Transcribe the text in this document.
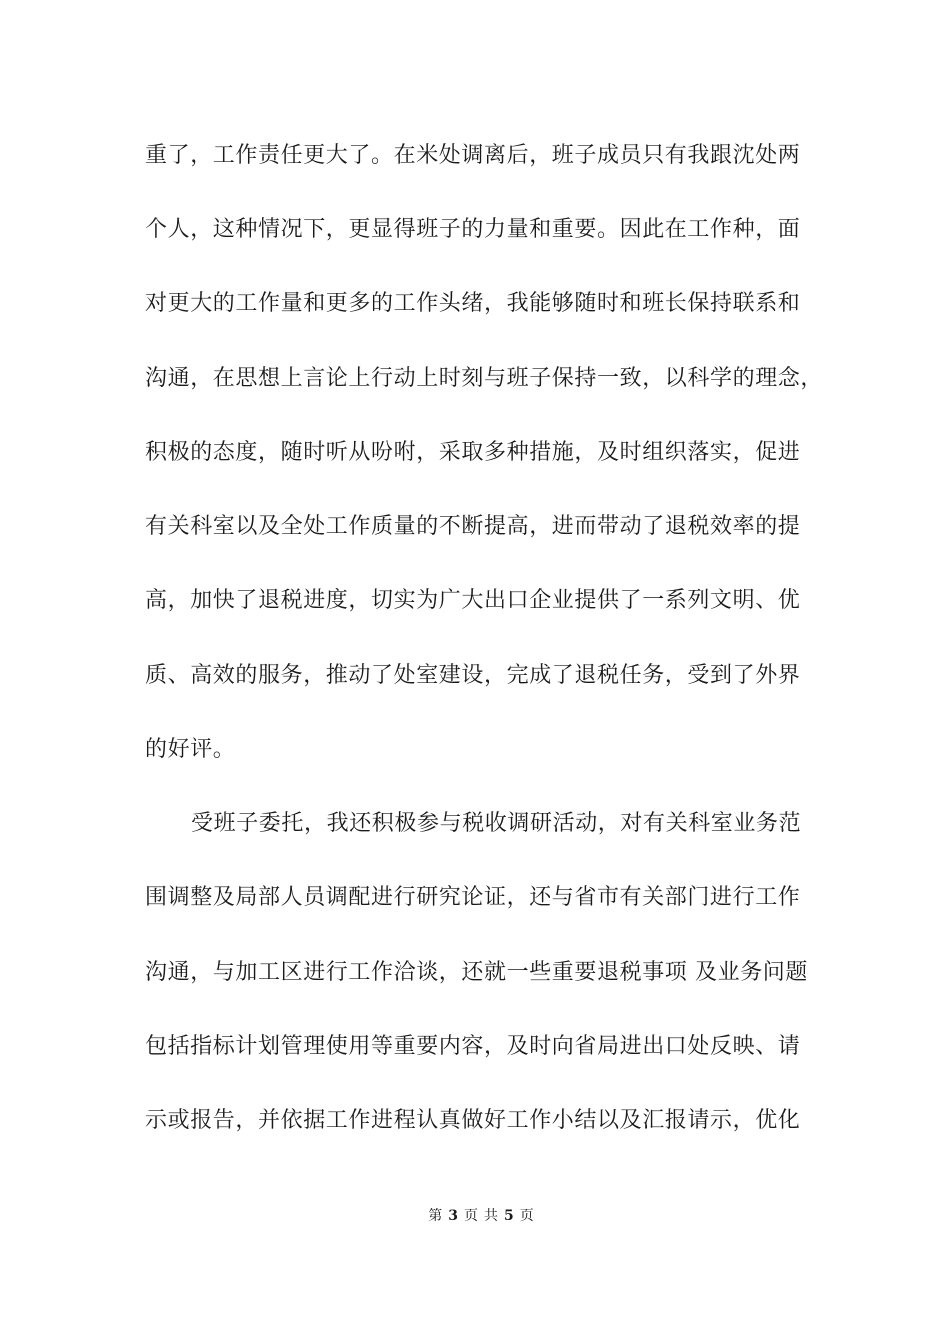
重了，工作责任更大了。在米处调离后，班子成员只有我跟沈处两
个人，这种情况下，更显得班子的力量和重要。因此在工作种，面
对更大的工作量和更多的工作头绪，我能够随时和班长保持联系和
沟通，在思想上言论上行动上时刻与班子保持一致，以科学的理念，
积极的态度，随时听从吩咐，采取多种措施，及时组织落实，促进
有关科室以及全处工作质量的不断提高，进而带动了退税效率的提
高，加快了退税进度，切实为广大出口企业提供了一系列文明、优
质、高效的服务，推动了处室建设，完成了退税任务，受到了外界
的好评。
受班子委托，我还积极参与税收调研活动，对有关科室业务范
围调整及局部人员调配进行研究论证，还与省市有关部门进行工作
沟通，与加工区进行工作洽谈，还就一些重要退税事项 及业务问题
包括指标计划管理使用等重要内容，及时向省局进出口处反映、请
示或报告，并依据工作进程认真做好工作小结以及汇报请示，优化
第 3 页 共 5 页
